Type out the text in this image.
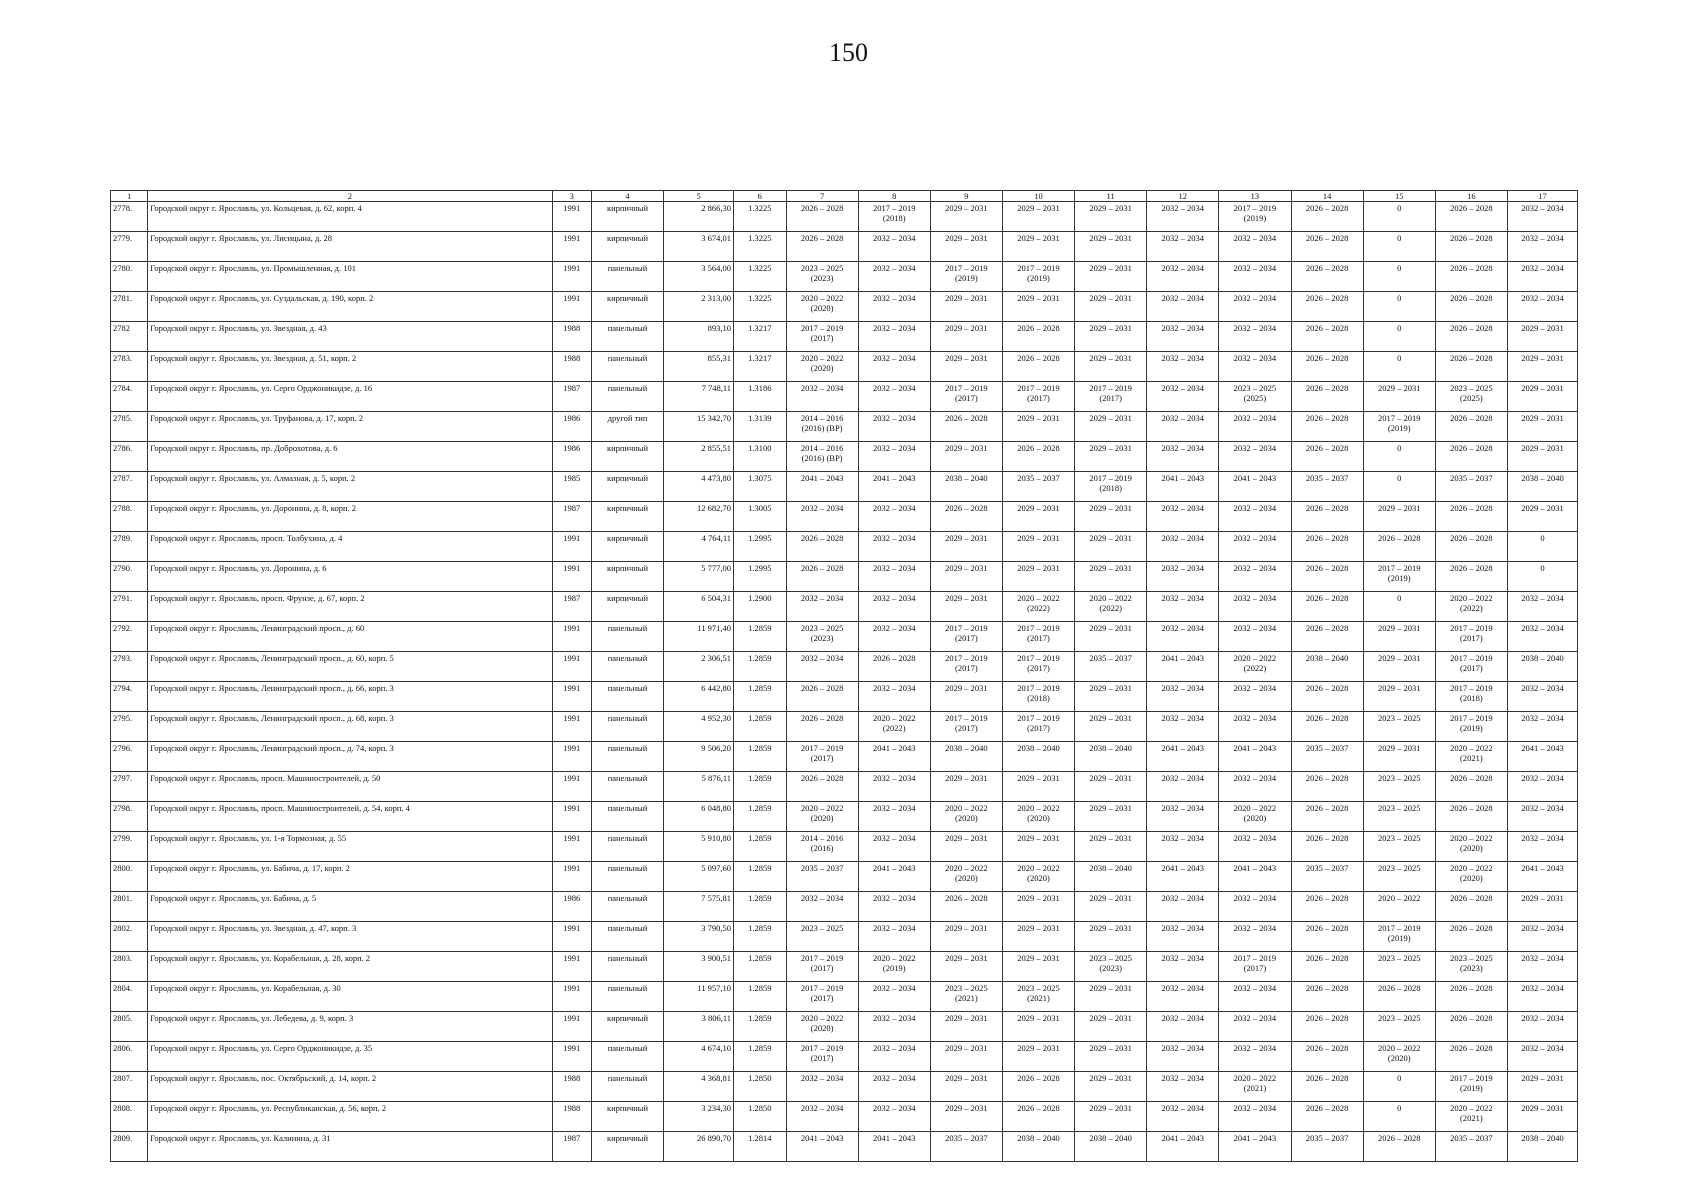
150
1	2	3	4	5	6	7	8	9	10	11	12	13	14	15	16	17
2778.	Городской округ г. Ярославль, ул. Кольцевая, д. 62, корп. 4	1991	кирпичный	2 866,30	1.3225	2026 – 2028	2017 – 2019 (2018)	2029 – 2031	2029 – 2031	2029 – 2031	2032 – 2034	2017 – 2019 (2019)	2026 – 2028	0	2026 – 2028	2032 – 2034
2779.	Городской округ г. Ярославль, ул. Лисицына, д. 28	1991	кирпичный	3 674,01	1.3225	2026 – 2028	2032 – 2034	2029 – 2031	2029 – 2031	2029 – 2031	2032 – 2034	2032 – 2034	2026 – 2028	0	2026 – 2028	2032 – 2034
2780.	Городской округ г. Ярославль, ул. Промышленная, д. 101	1991	панельный	3 564,00	1.3225	2023 – 2025 (2023)	2032 – 2034	2017 – 2019 (2019)	2017 – 2019 (2019)	2029 – 2031	2032 – 2034	2032 – 2034	2026 – 2028	0	2026 – 2028	2032 – 2034
2781.	Городской округ г. Ярославль, ул. Суздальская, д. 190, корп. 2	1991	кирпичный	2 313,00	1.3225	2020 – 2022 (2020)	2032 – 2034	2029 – 2031	2029 – 2031	2029 – 2031	2032 – 2034	2032 – 2034	2026 – 2028	0	2026 – 2028	2032 – 2034
2782	Городской округ г. Ярославль, ул. Звездная, д. 43	1988	панельный	893,10	1.3217	2017 – 2019 (2017)	2032 – 2034	2029 – 2031	2026 – 2028	2029 – 2031	2032 – 2034	2032 – 2034	2026 – 2028	0	2026 – 2028	2029 – 2031
2783.	Городской округ г. Ярославль, ул. Звездная, д. 51, корп. 2	1988	панельный	855,31	1.3217	2020 – 2022 (2020)	2032 – 2034	2029 – 2031	2026 – 2028	2029 – 2031	2032 – 2034	2032 – 2034	2026 – 2028	0	2026 – 2028	2029 – 2031
2784.	Городской округ г. Ярославль, ул. Серго Орджоникидзе, д. 16	1987	панельный	7 748,11	1.3186	2032 – 2034	2032 – 2034	2017 – 2019 (2017)	2017 – 2019 (2017)	2017 – 2019 (2017)	2032 – 2034	2023 – 2025 (2025)	2026 – 2028	2029 – 2031	2023 – 2025 (2025)	2029 – 2031
2785.	Городской округ г. Ярославль, ул. Труфанова, д. 17, корп. 2	1986	другой тип	15 342,70	1.3139	2014 – 2016 (2016) (ВР)	2032 – 2034	2026 – 2028	2029 – 2031	2029 – 2031	2032 – 2034	2032 – 2034	2026 – 2028	2017 – 2019 (2019)	2026 – 2028	2029 – 2031
2786.	Городской округ г. Ярославль, пр. Доброхотова, д. 6	1986	кирпичный	2 855,51	1.3100	2014 – 2016 (2016) (ВР)	2032 – 2034	2029 – 2031	2026 – 2028	2029 – 2031	2032 – 2034	2032 – 2034	2026 – 2028	0	2026 – 2028	2029 – 2031
2787.	Городской округ г. Ярославль, ул. Алмазная, д. 5, корп. 2	1985	кирпичный	4 473,80	1.3075	2041 – 2043	2041 – 2043	2038 – 2040	2035 – 2037	2017 – 2019 (2018)	2041 – 2043	2041 – 2043	2035 – 2037	0	2035 – 2037	2038 – 2040
2788.	Городской округ г. Ярославль, ул. Доронина, д. 8, корп. 2	1987	кирпичный	12 682,70	1.3005	2032 – 2034	2032 – 2034	2026 – 2028	2029 – 2031	2029 – 2031	2032 – 2034	2032 – 2034	2026 – 2028	2029 – 2031	2026 – 2028	2029 – 2031
2789.	Городской округ г. Ярославль, просп. Толбухина, д. 4	1991	кирпичный	4 764,11	1.2995	2026 – 2028	2032 – 2034	2029 – 2031	2029 – 2031	2029 – 2031	2032 – 2034	2032 – 2034	2026 – 2028	2026 – 2028	2026 – 2028	0
2790.	Городской округ г. Ярославль, ул. Доронина, д. 6	1991	кирпичный	5 777,00	1.2995	2026 – 2028	2032 – 2034	2029 – 2031	2029 – 2031	2029 – 2031	2032 – 2034	2032 – 2034	2026 – 2028	2017 – 2019 (2019)	2026 – 2028	0
2791.	Городской округ г. Ярославль, просп. Фрунзе, д. 67, корп. 2	1987	кирпичный	6 504,31	1.2900	2032 – 2034	2032 – 2034	2029 – 2031	2020 – 2022 (2022)	2020 – 2022 (2022)	2032 – 2034	2032 – 2034	2026 – 2028	0	2020 – 2022 (2022)	2032 – 2034
2792.	Городской округ г. Ярославль, Ленинградский просп., д. 60	1991	панельный	11 971,40	1.2859	2023 – 2025 (2023)	2032 – 2034	2017 – 2019 (2017)	2017 – 2019 (2017)	2029 – 2031	2032 – 2034	2032 – 2034	2026 – 2028	2029 – 2031	2017 – 2019 (2017)	2032 – 2034
2793.	Городской округ г. Ярославль, Ленинградский просп., д. 60, корп. 5	1991	панельный	2 306,51	1.2859	2032 – 2034	2026 – 2028	2017 – 2019 (2017)	2017 – 2019 (2017)	2035 – 2037	2041 – 2043	2020 – 2022 (2022)	2038 – 2040	2029 – 2031	2017 – 2019 (2017)	2038 – 2040
2794.	Городской округ г. Ярославль, Ленинградский просп., д. 66, корп. 3	1991	панельный	6 442,80	1.2859	2026 – 2028	2032 – 2034	2029 – 2031	2017 – 2019 (2018)	2029 – 2031	2032 – 2034	2032 – 2034	2026 – 2028	2029 – 2031	2017 – 2019 (2018)	2032 – 2034
2795.	Городской округ г. Ярославль, Ленинградский просп., д. 68, корп. 3	1991	панельный	4 952,30	1.2859	2026 – 2028	2020 – 2022 (2022)	2017 – 2019 (2017)	2017 – 2019 (2017)	2029 – 2031	2032 – 2034	2032 – 2034	2026 – 2028	2023 – 2025	2017 – 2019 (2019)	2032 – 2034
2796.	Городской округ г. Ярославль, Ленинградский просп., д. 74, корп. 3	1991	панельный	9 506,20	1.2859	2017 – 2019 (2017)	2041 – 2043	2038 – 2040	2038 – 2040	2038 – 2040	2041 – 2043	2041 – 2043	2035 – 2037	2029 – 2031	2020 – 2022 (2021)	2041 – 2043
2797.	Городской округ г. Ярославль, просп. Машиностроителей, д. 50	1991	панельный	5 876,11	1.2859	2026 – 2028	2032 – 2034	2029 – 2031	2029 – 2031	2029 – 2031	2032 – 2034	2032 – 2034	2026 – 2028	2023 – 2025	2026 – 2028	2032 – 2034
2798.	Городской округ г. Ярославль, просп. Машиностроителей, д. 54, корп. 4	1991	панельный	6 048,80	1.2859	2020 – 2022 (2020)	2032 – 2034	2020 – 2022 (2020)	2020 – 2022 (2020)	2029 – 2031	2032 – 2034	2020 – 2022 (2020)	2026 – 2028	2023 – 2025	2026 – 2028	2032 – 2034
2799.	Городской округ г. Ярославль, ул. 1-я Тормозная, д. 55	1991	панельный	5 910,80	1.2859	2014 – 2016 (2016)	2032 – 2034	2029 – 2031	2029 – 2031	2029 – 2031	2032 – 2034	2032 – 2034	2026 – 2028	2023 – 2025	2020 – 2022 (2020)	2032 – 2034
2800.	Городской округ г. Ярославль, ул. Бабича, д. 17, корп. 2	1991	панельный	5 097,60	1.2859	2035 – 2037	2041 – 2043	2020 – 2022 (2020)	2020 – 2022 (2020)	2038 – 2040	2041 – 2043	2041 – 2043	2035 – 2037	2023 – 2025	2020 – 2022 (2020)	2041 – 2043
2801.	Городской округ г. Ярославль, ул. Бабича, д. 5	1986	панельный	7 575,81	1.2859	2032 – 2034	2032 – 2034	2026 – 2028	2029 – 2031	2029 – 2031	2032 – 2034	2032 – 2034	2026 – 2028	2020 – 2022	2026 – 2028	2029 – 2031
2802.	Городской округ г. Ярославль, ул. Звездная, д. 47, корп. 3	1991	панельный	3 790,50	1.2859	2023 – 2025	2032 – 2034	2029 – 2031	2029 – 2031	2029 – 2031	2032 – 2034	2032 – 2034	2026 – 2028	2017 – 2019 (2019)	2026 – 2028	2032 – 2034
2803.	Городской округ г. Ярославль, ул. Корабельная, д. 28, корп. 2	1991	панельный	3 900,51	1.2859	2017 – 2019 (2017)	2020 – 2022 (2019)	2029 – 2031	2029 – 2031	2023 – 2025 (2023)	2032 – 2034	2017 – 2019 (2017)	2026 – 2028	2023 – 2025	2023 – 2025 (2023)	2032 – 2034
2804.	Городской округ г. Ярославль, ул. Корабельная, д. 30	1991	панельный	11 957,10	1.2859	2017 – 2019 (2017)	2032 – 2034	2023 – 2025 (2021)	2023 – 2025 (2021)	2029 – 2031	2032 – 2034	2032 – 2034	2026 – 2028	2026 – 2028	2026 – 2028	2032 – 2034
2805.	Городской округ г. Ярославль, ул. Лебедева, д. 9, корп. 3	1991	кирпичный	3 806,11	1.2859	2020 – 2022 (2020)	2032 – 2034	2029 – 2031	2029 – 2031	2029 – 2031	2032 – 2034	2032 – 2034	2026 – 2028	2023 – 2025	2026 – 2028	2032 – 2034
2806.	Городской округ г. Ярославль, ул. Серго Орджоникидзе, д. 35	1991	панельный	4 674,10	1.2859	2017 – 2019 (2017)	2032 – 2034	2029 – 2031	2029 – 2031	2029 – 2031	2032 – 2034	2032 – 2034	2026 – 2028	2020 – 2022 (2020)	2026 – 2028	2032 – 2034
2807.	Городской округ г. Ярославль, пос. Октябрьский, д. 14, корп. 2	1988	панельный	4 368,81	1.2850	2032 – 2034	2032 – 2034	2029 – 2031	2026 – 2028	2029 – 2031	2032 – 2034	2020 – 2022 (2021)	2026 – 2028	0	2017 – 2019 (2019)	2029 – 2031
2808.	Городской округ г. Ярославль, ул. Республиканская, д. 56, корп. 2	1988	кирпичный	3 234,30	1.2850	2032 – 2034	2032 – 2034	2029 – 2031	2026 – 2028	2029 – 2031	2032 – 2034	2032 – 2034	2026 – 2028	0	2020 – 2022 (2021)	2029 – 2031
2809.	Городской округ г. Ярославль, ул. Калинина, д. 31	1987	кирпичный	26 890,70	1.2814	2041 – 2043	2041 – 2043	2035 – 2037	2038 – 2040	2038 – 2040	2041 – 2043	2041 – 2043	2035 – 2037	2026 – 2028	2035 – 2037	2038 – 2040
